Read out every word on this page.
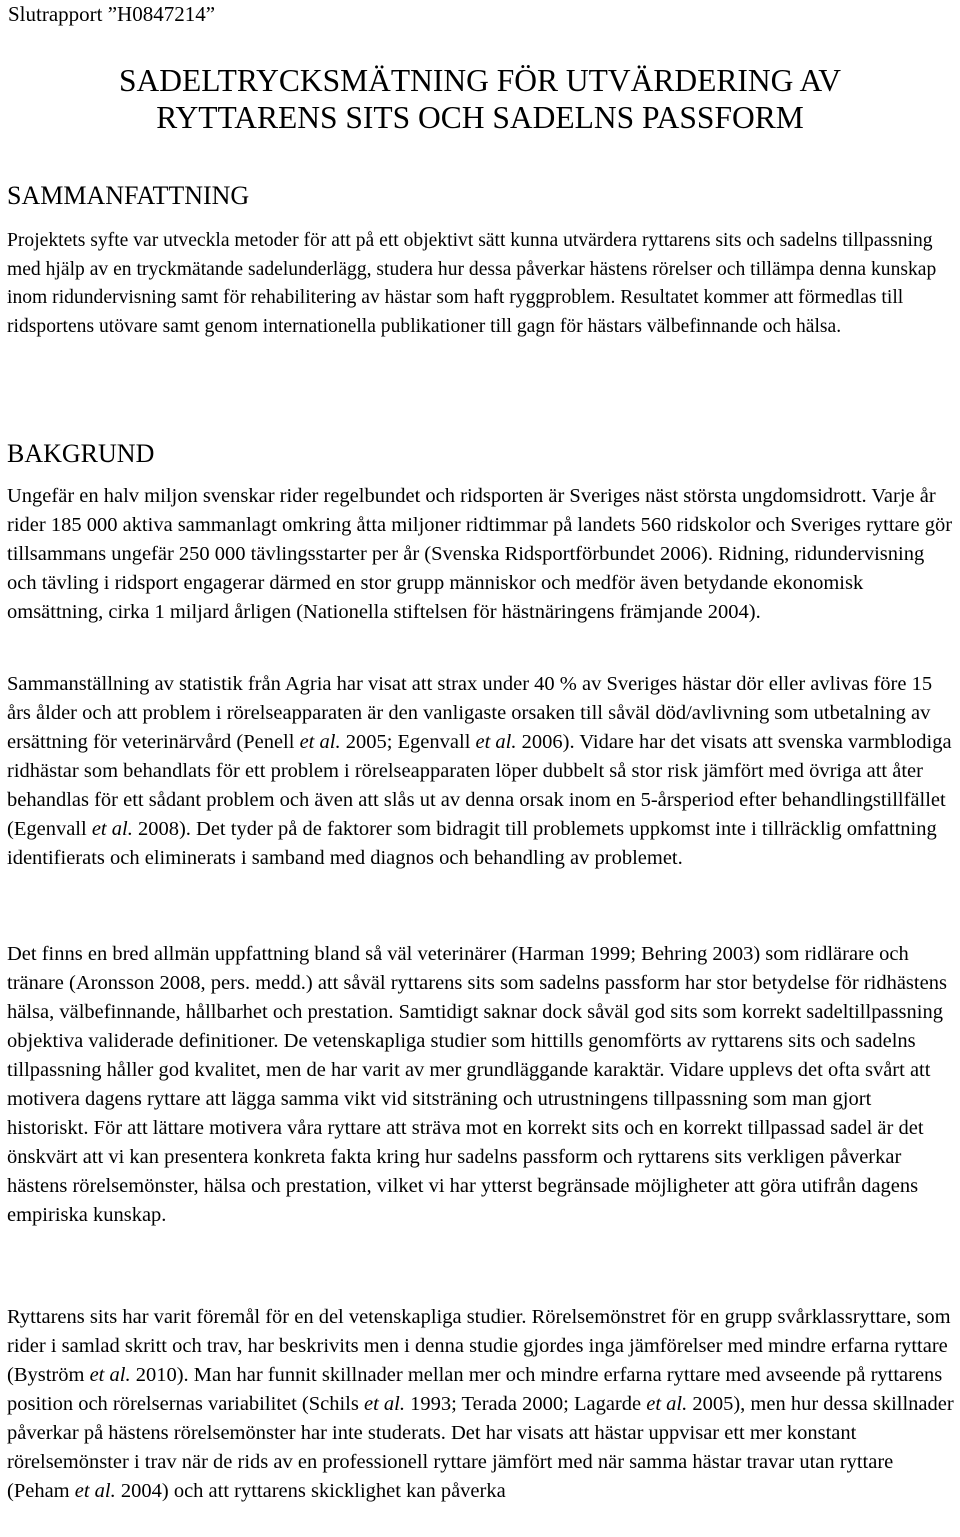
Slutrapport ”H0847214”
SADELTRYCKSMÄTNING FÖR UTVÄRDERING AV
RYTTARENS SITS OCH SADELNS PASSFORM
SAMMANFATTNING

Projektets syfte var utveckla metoder för att på ett objektivt sätt kunna utvärdera ryttarens sits och sadelns tillpassning med hjälp av en tryckmätande sadelunderlägg, studera hur dessa påverkar hästens rörelser och tillämpa denna kunskap inom ridundervisning samt för rehabilitering av hästar som haft ryggproblem. Resultatet kommer att förmedlas till ridsportens utövare samt genom internationella publikationer till gagn för hästars välbefinnande och hälsa.

BAKGRUND

Ungefär en halv miljon svenskar rider regelbundet och ridsporten är Sveriges näst största ungdomsidrott. Varje år rider 185 000 aktiva sammanlagt omkring åtta miljoner ridtimmar på landets 560 ridskolor och Sveriges ryttare gör tillsammans ungefär 250 000 tävlingsstarter per år (Svenska Ridsportförbundet 2006). Ridning, ridundervisning och tävling i ridsport engagerar därmed en stor grupp människor och medför även betydande ekonomisk omsättning, cirka 1 miljard årligen (Nationella stiftelsen för hästnäringens främjande 2004).

Sammanställning av statistik från Agria har visat att strax under 40 % av Sveriges hästar dör eller avlivas före 15 års ålder och att problem i rörelseapparaten är den vanligaste orsaken till såväl död/avlivning som utbetalning av ersättning för veterinärvård (Penell et al. 2005; Egenvall et al. 2006). Vidare har det visats att svenska varmblodiga ridhästar som behandlats för ett problem i rörelseapparaten löper dubbelt så stor risk jämfört med övriga att åter behandlas för ett sådant problem och även att slås ut av denna orsak inom en 5-årsperiod efter behandlingstillfället (Egenvall et al. 2008). Det tyder på de faktorer som bidragit till problemets uppkomst inte i tillräcklig omfattning identifierats och eliminerats i samband med diagnos och behandling av problemet.

Det finns en bred allmän uppfattning bland så väl veterinärer (Harman 1999; Behring 2003) som ridlärare och tränare (Aronsson 2008, pers. medd.) att såväl ryttarens sits som sadelns passform har stor betydelse för ridhästens hälsa, välbefinnande, hållbarhet och prestation. Samtidigt saknar dock såväl god sits som korrekt sadeltillpassning objektiva validerade definitioner. De vetenskapliga studier som hittills genomförts av ryttarens sits och sadelns tillpassning håller god kvalitet, men de har varit av mer grundläggande karaktär. Vidare upplevs det ofta svårt att motivera dagens ryttare att lägga samma vikt vid sitsträning och utrustningens tillpassning som man gjort historiskt. För att lättare motivera våra ryttare att sträva mot en korrekt sits och en korrekt tillpassad sadel är det önskvärt att vi kan presentera konkreta fakta kring hur sadelns passform och ryttarens sits verkligen påverkar hästens rörelsemönster, hälsa och prestation, vilket vi har ytterst begränsade möjligheter att göra utifrån dagens empiriska kunskap.

Ryttarens sits har varit föremål för en del vetenskapliga studier. Rörelsemönstret för en grupp svårklassryttare, som rider i samlad skritt och trav, har beskrivits men i denna studie gjordes inga jämförelser med mindre erfarna ryttare (Byström et al. 2010). Man har funnit skillnader mellan mer och mindre erfarna ryttare med avseende på ryttarens position och rörelsernas variabilitet (Schils et al. 1993; Terada 2000; Lagarde et al. 2005), men hur dessa skillnader påverkar på hästens rörelsemönster har inte studerats. Det har visats att hästar uppvisar ett mer konstant rörelsemönster i trav när de rids av en professionell ryttare jämfört med när samma hästar travar utan ryttare (Peham et al. 2004) och att ryttarens skicklighet kan påverka
